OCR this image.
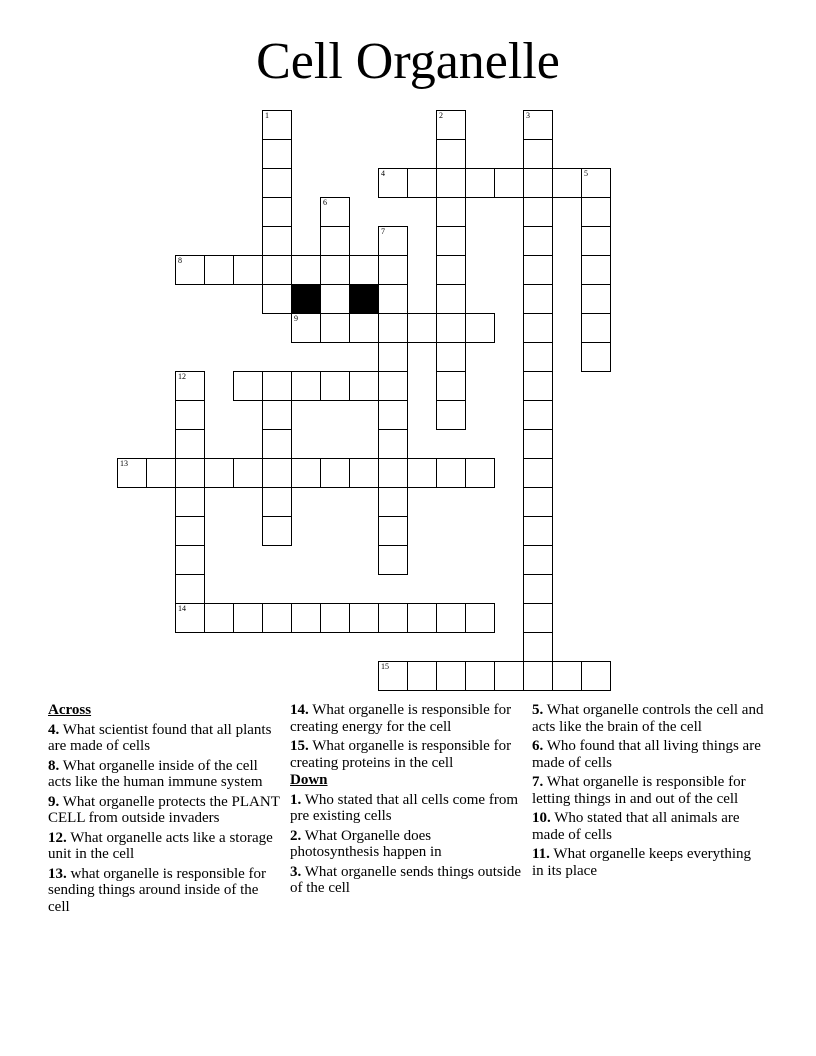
Cell Organelle
1	2	3
4	5
6
7
8
9
12
13
14
15
Across
4. What scientist found that all plants are made of cells
8. What organelle inside of the cell acts like the human immune system
9. What organelle protects the PLANT CELL from outside invaders
12. What organelle acts like a storage unit in the cell
13. what organelle is responsible for sending things around inside of the cell
14. What organelle is responsible for creating energy for the cell
15. What organelle is responsible for creating proteins in the cell
Down
1. Who stated that all cells come from pre existing cells
2. What Organelle does photosynthesis happen in
3. What organelle sends things outside of the cell
5. What organelle controls the cell and acts like the brain of the cell
6. Who found that all living things are made of cells
7. What organelle is responsible for letting things in and out of the cell
10. Who stated that all animals are made of cells
11. What organelle keeps everything in its place
